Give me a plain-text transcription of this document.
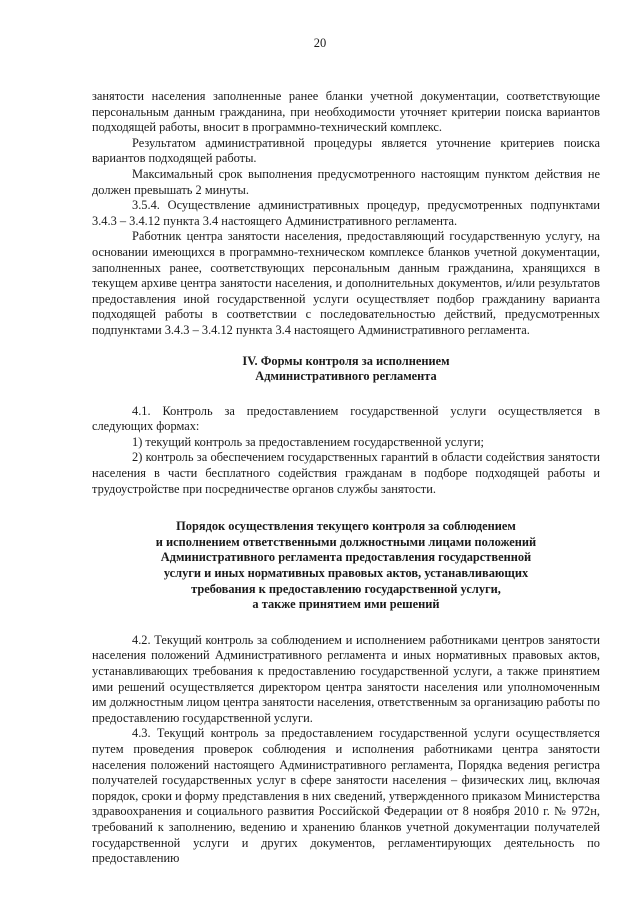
20

занятости населения заполненные ранее бланки учетной документации, соответствующие персональным данным гражданина, при необходимости уточняет критерии поиска вариантов подходящей работы, вносит в программно-технический комплекс.

Результатом административной процедуры является уточнение критериев поиска вариантов подходящей работы.

Максимальный срок выполнения предусмотренного настоящим пунктом действия не должен превышать 2 минуты.

3.5.4. Осуществление административных процедур, предусмотренных подпунктами 3.4.3 – 3.4.12 пункта 3.4 настоящего Административного регламента.

Работник центра занятости населения, предоставляющий государственную услугу, на основании имеющихся в программно-техническом комплексе бланков учетной документации, заполненных ранее, соответствующих персональным данным гражданина, хранящихся в текущем архиве центра занятости населения, и дополнительных документов, и/или результатов предоставления иной государственной услуги осуществляет подбор гражданину варианта подходящей работы в соответствии с последовательностью действий, предусмотренных подпунктами 3.4.3 – 3.4.12 пункта 3.4 настоящего Административного регламента.

IV. Формы контроля за исполнением
Административного регламента

4.1. Контроль за предоставлением государственной услуги осуществляется в следующих формах:

1) текущий контроль за предоставлением государственной услуги;

2) контроль за обеспечением государственных гарантий в области содействия занятости населения в части бесплатного содействия гражданам в подборе подходящей работы и трудоустройстве при посредничестве органов службы занятости.

Порядок осуществления текущего контроля за соблюдением
и исполнением ответственными должностными лицами положений
Административного регламента предоставления государственной
услуги и иных нормативных правовых актов, устанавливающих
требования к предоставлению государственной услуги,
а также принятием ими решений

4.2. Текущий контроль за соблюдением и исполнением работниками центров занятости населения положений Административного регламента и иных нормативных правовых актов, устанавливающих требования к предоставлению государственной услуги, а также принятием ими решений осуществляется директором центра занятости населения или уполномоченным им должностным лицом центра занятости населения, ответственным за организацию работы по предоставлению государственной услуги.

4.3. Текущий контроль за предоставлением государственной услуги осуществляется путем проведения проверок соблюдения и исполнения работниками центра занятости населения положений настоящего Административного регламента, Порядка ведения регистра получателей государственных услуг в сфере занятости населения – физических лиц, включая порядок, сроки и форму представления в них сведений, утвержденного приказом Министерства здравоохранения и социального развития Российской Федерации от 8 ноября 2010 г. № 972н, требований к заполнению, ведению и хранению бланков учетной документации получателей государственной услуги и других документов, регламентирующих деятельность по предоставлению
